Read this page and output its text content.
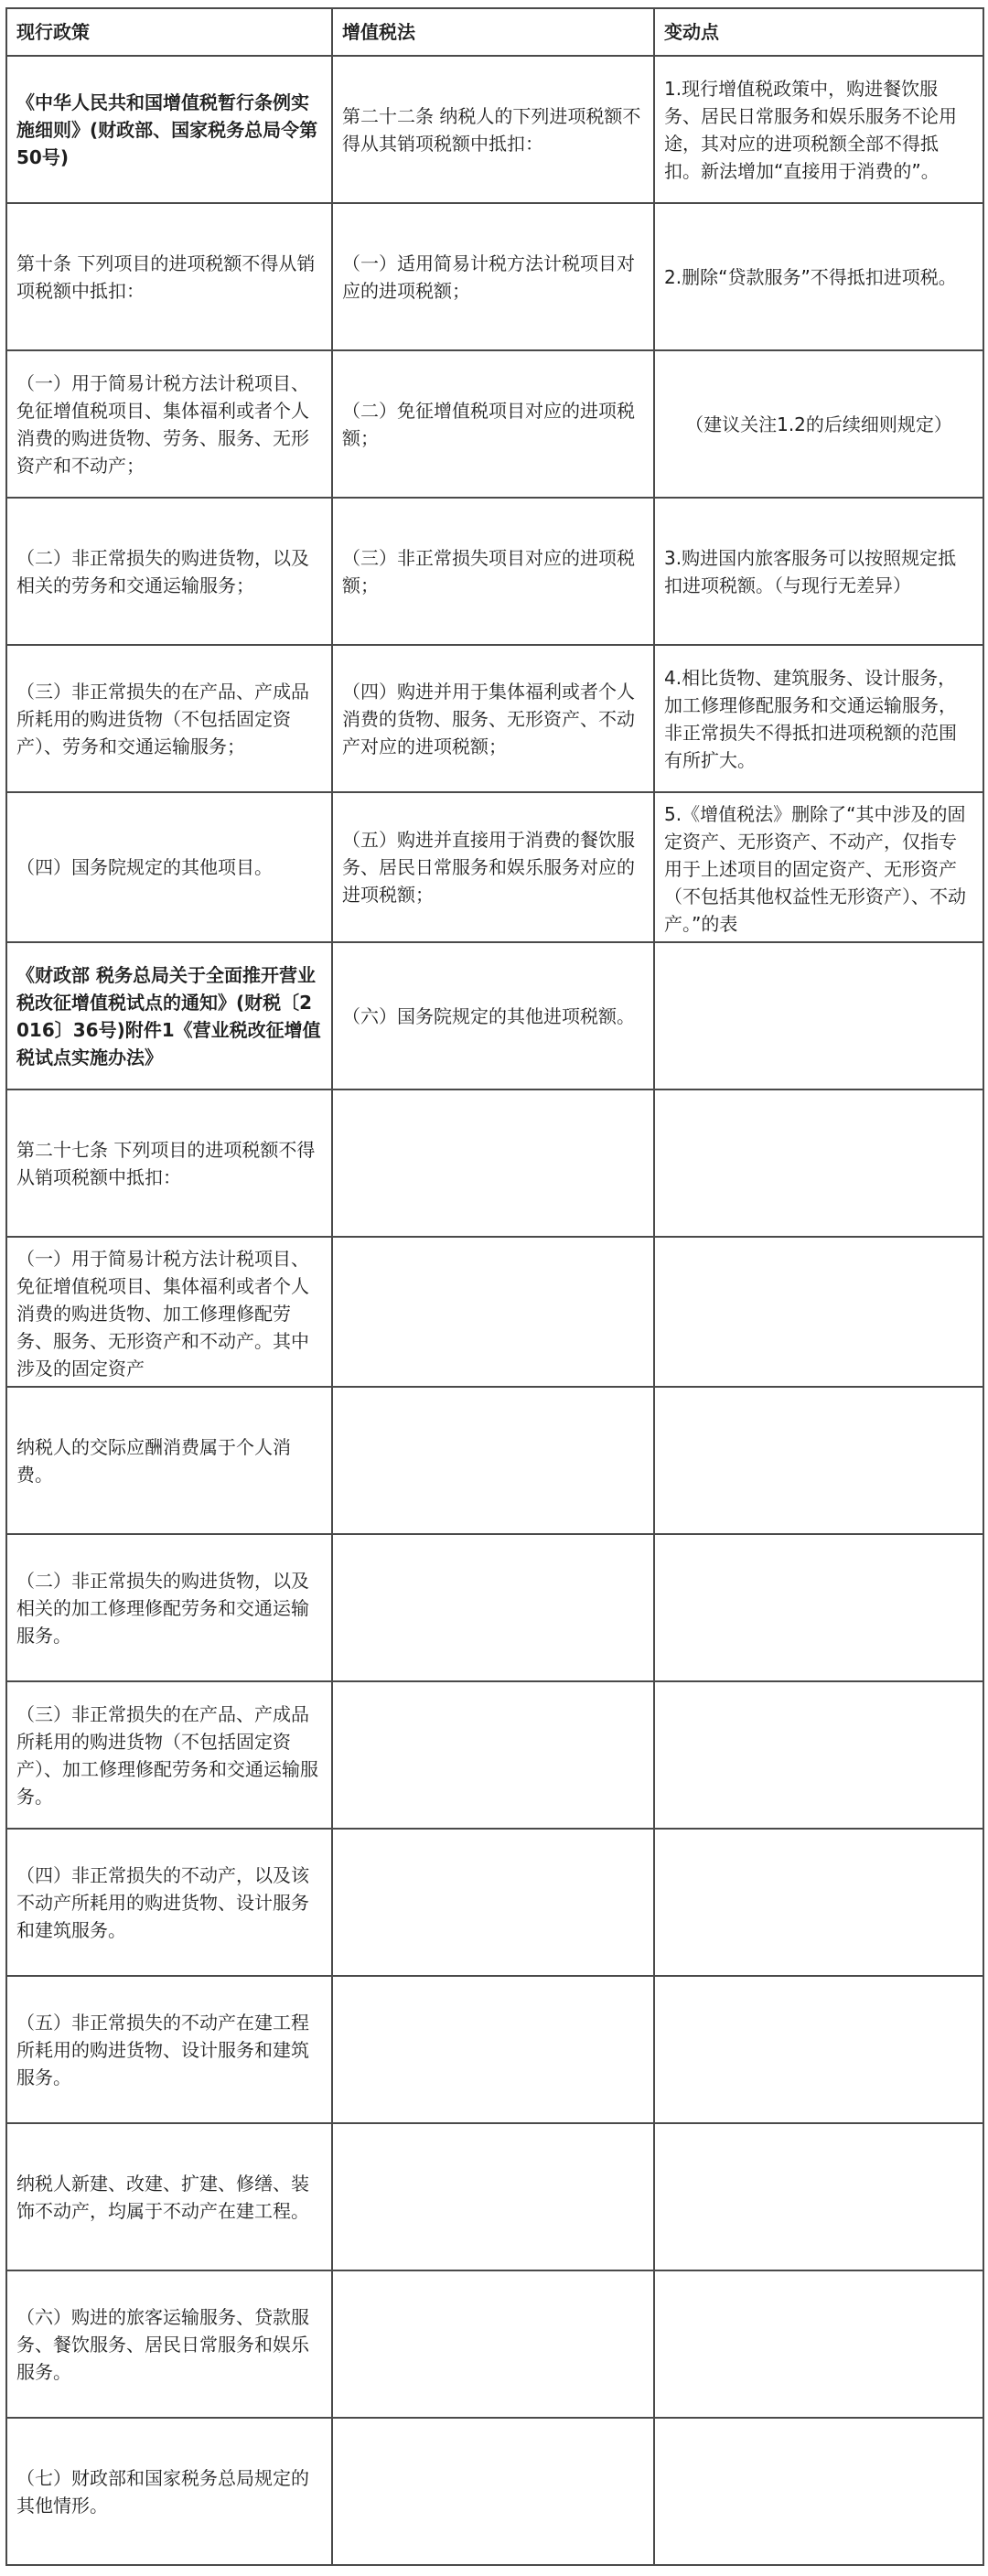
现行政策	增值税法	变动点

《中华人民共和国增值税暂行条例实施细则》(财政部、国家税务总局令第50号)	第二十二条 纳税人的下列进项税额不得从其销项税额中抵扣：	1.现行增值税政策中，购进餐饮服务、居民日常服务和娱乐服务不论用途，其对应的进项税额全部不得抵扣。新法增加“直接用于消费的”。

第十条 下列项目的进项税额不得从销项税额中抵扣：	（一）适用简易计税方法计税项目对应的进项税额；	2.删除“贷款服务”不得抵扣进项税。

（一）用于简易计税方法计税项目、免征增值税项目、集体福利或者个人消费的购进货物、劳务、服务、无形资产和不动产；	（二）免征增值税项目对应的进项税额；	（建议关注1.2的后续细则规定）

（二）非正常损失的购进货物，以及相关的劳务和交通运输服务；	（三）非正常损失项目对应的进项税额；	3.购进国内旅客服务可以按照规定抵扣进项税额。（与现行无差异）

（三）非正常损失的在产品、产成品所耗用的购进货物（不包括固定资产）、劳务和交通运输服务；	（四）购进并用于集体福利或者个人消费的货物、服务、无形资产、不动产对应的进项税额；	4.相比货物、建筑服务、设计服务，加工修理修配服务和交通运输服务，非正常损失不得抵扣进项税额的范围有所扩大。

（四）国务院规定的其他项目。	（五）购进并直接用于消费的餐饮服务、居民日常服务和娱乐服务对应的进项税额；	5.《增值税法》删除了“其中涉及的固定资产、无形资产、不动产，仅指专用于上述项目的固定资产、无形资产（不包括其他权益性无形资产）、不动产。”的表

《财政部 税务总局关于全面推开营业税改征增值税试点的通知》(财税〔2016〕36号)附件1《营业税改征增值税试点实施办法》	（六）国务院规定的其他进项税额。	

第二十七条 下列项目的进项税额不得从销项税额中抵扣：		

（一）用于简易计税方法计税项目、免征增值税项目、集体福利或者个人消费的购进货物、加工修理修配劳务、服务、无形资产和不动产。其中涉及的固定资产		

纳税人的交际应酬消费属于个人消费。		

（二）非正常损失的购进货物，以及相关的加工修理修配劳务和交通运输服务。		

（三）非正常损失的在产品、产成品所耗用的购进货物（不包括固定资产）、加工修理修配劳务和交通运输服务。		

（四）非正常损失的不动产，以及该不动产所耗用的购进货物、设计服务和建筑服务。		

（五）非正常损失的不动产在建工程所耗用的购进货物、设计服务和建筑服务。		

纳税人新建、改建、扩建、修缮、装饰不动产，均属于不动产在建工程。		

（六）购进的旅客运输服务、贷款服务、餐饮服务、居民日常服务和娱乐服务。		

（七）财政部和国家税务总局规定的其他情形。		
